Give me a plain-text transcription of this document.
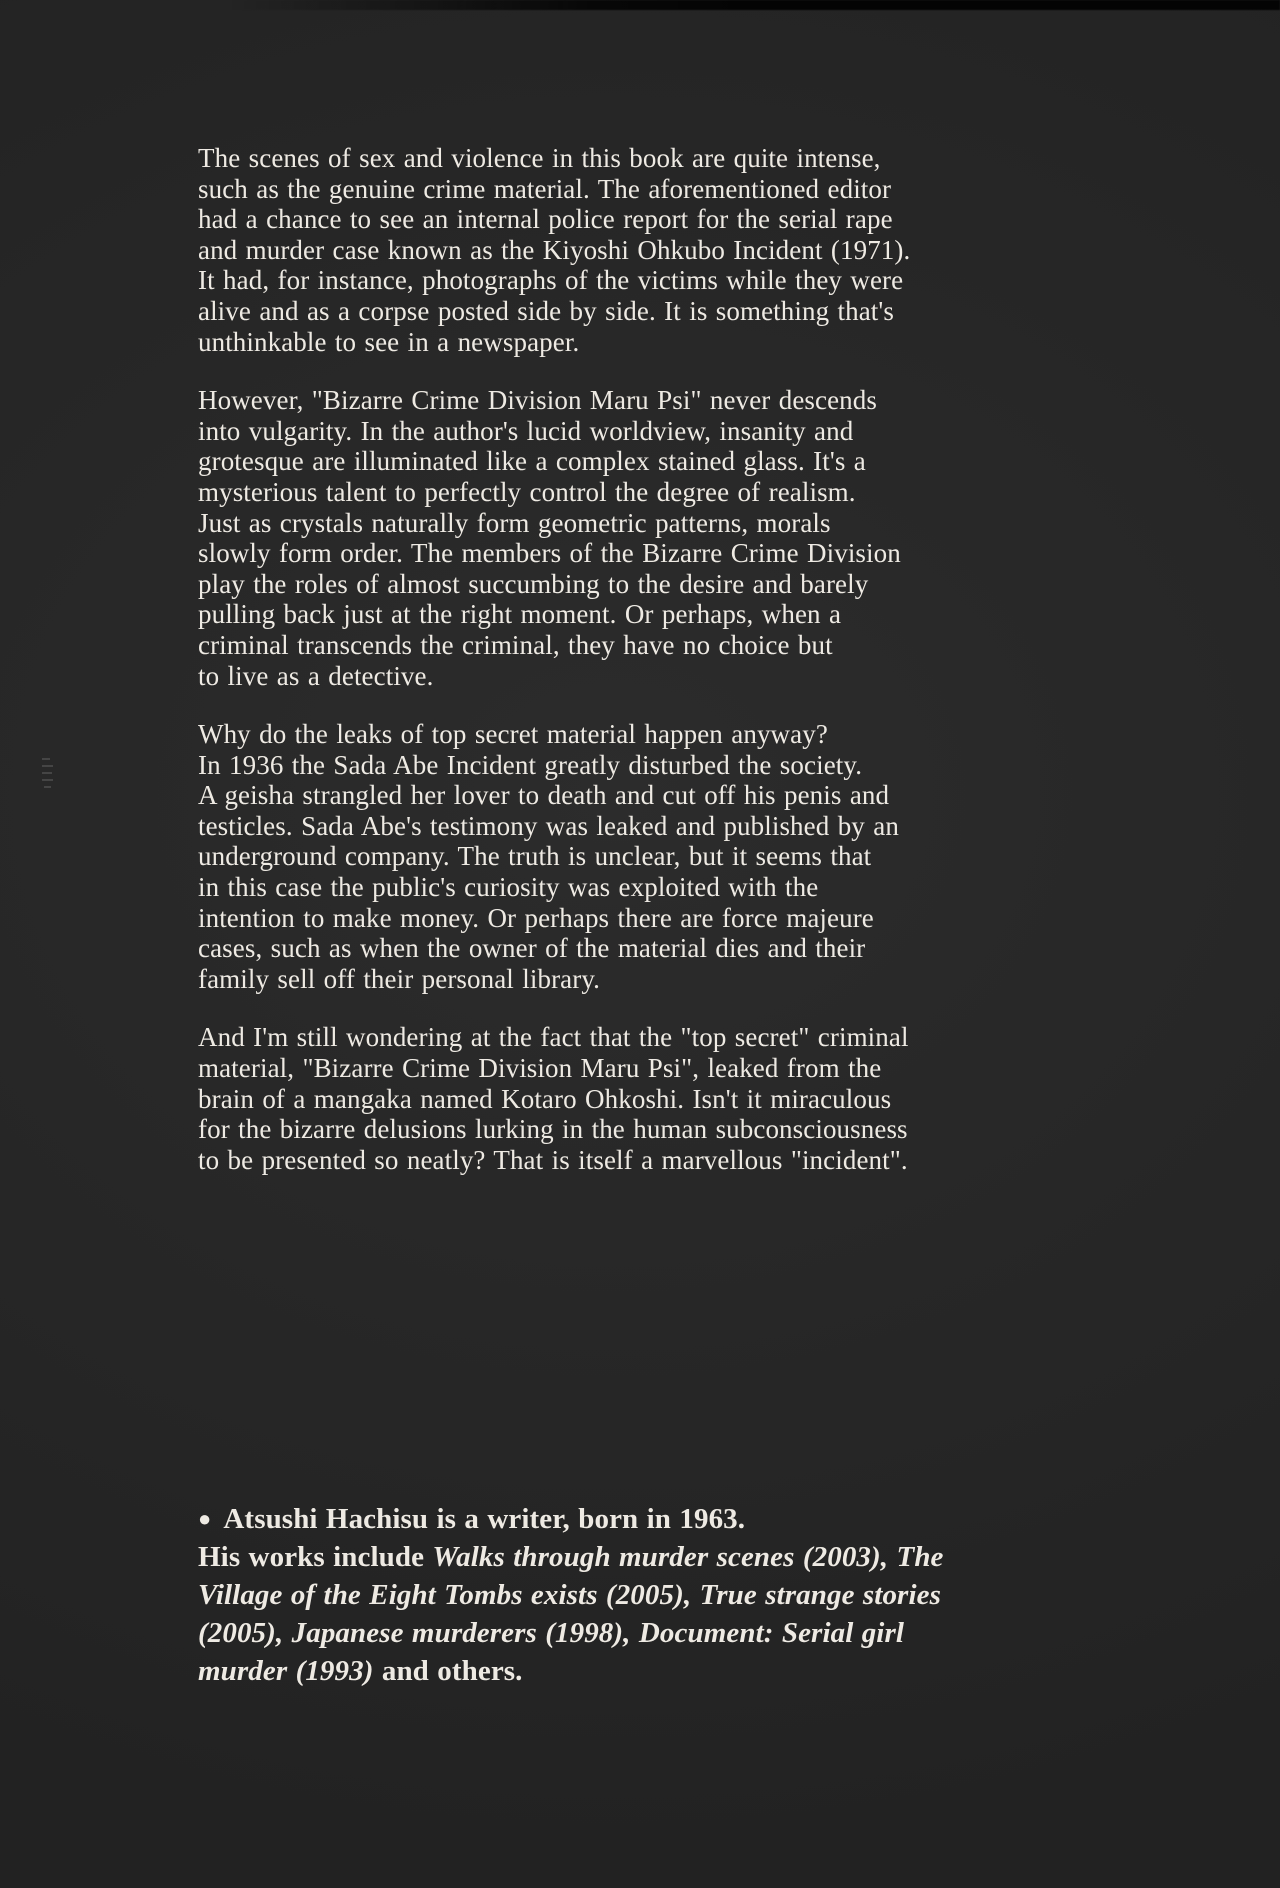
The scenes of sex and violence in this book are quite intense,
such as the genuine crime material. The aforementioned editor
had a chance to see an internal police report for the serial rape
and murder case known as the Kiyoshi Ohkubo Incident (1971).
It had, for instance, photographs of the victims while they were
alive and as a corpse posted side by side. It is something that's
unthinkable to see in a newspaper.
However, "Bizarre Crime Division Maru Psi" never descends
into vulgarity. In the author's lucid worldview, insanity and
grotesque are illuminated like a complex stained glass. It's a
mysterious talent to perfectly control the degree of realism.
Just as crystals naturally form geometric patterns, morals
slowly form order. The members of the Bizarre Crime Division
play the roles of almost succumbing to the desire and barely
pulling back just at the right moment. Or perhaps, when a
criminal transcends the criminal, they have no choice but
to live as a detective.
Why do the leaks of top secret material happen anyway?
In 1936 the Sada Abe Incident greatly disturbed the society.
A geisha strangled her lover to death and cut off his penis and
testicles. Sada Abe's testimony was leaked and published by an
underground company. The truth is unclear, but it seems that
in this case the public's curiosity was exploited with the
intention to make money. Or perhaps there are force majeure
cases, such as when the owner of the material dies and their
family sell off their personal library.
And I'm still wondering at the fact that the "top secret" criminal
material, "Bizarre Crime Division Maru Psi", leaked from the
brain of a mangaka named Kotaro Ohkoshi. Isn't it miraculous
for the bizarre delusions lurking in the human subconsciousness
to be presented so neatly? That is itself a marvellous "incident".
● Atsushi Hachisu is a writer, born in 1963.
His works include Walks through murder scenes (2003), The
Village of the Eight Tombs exists (2005), True strange stories
(2005), Japanese murderers (1998), Document: Serial girl
murder (1993) and others.
